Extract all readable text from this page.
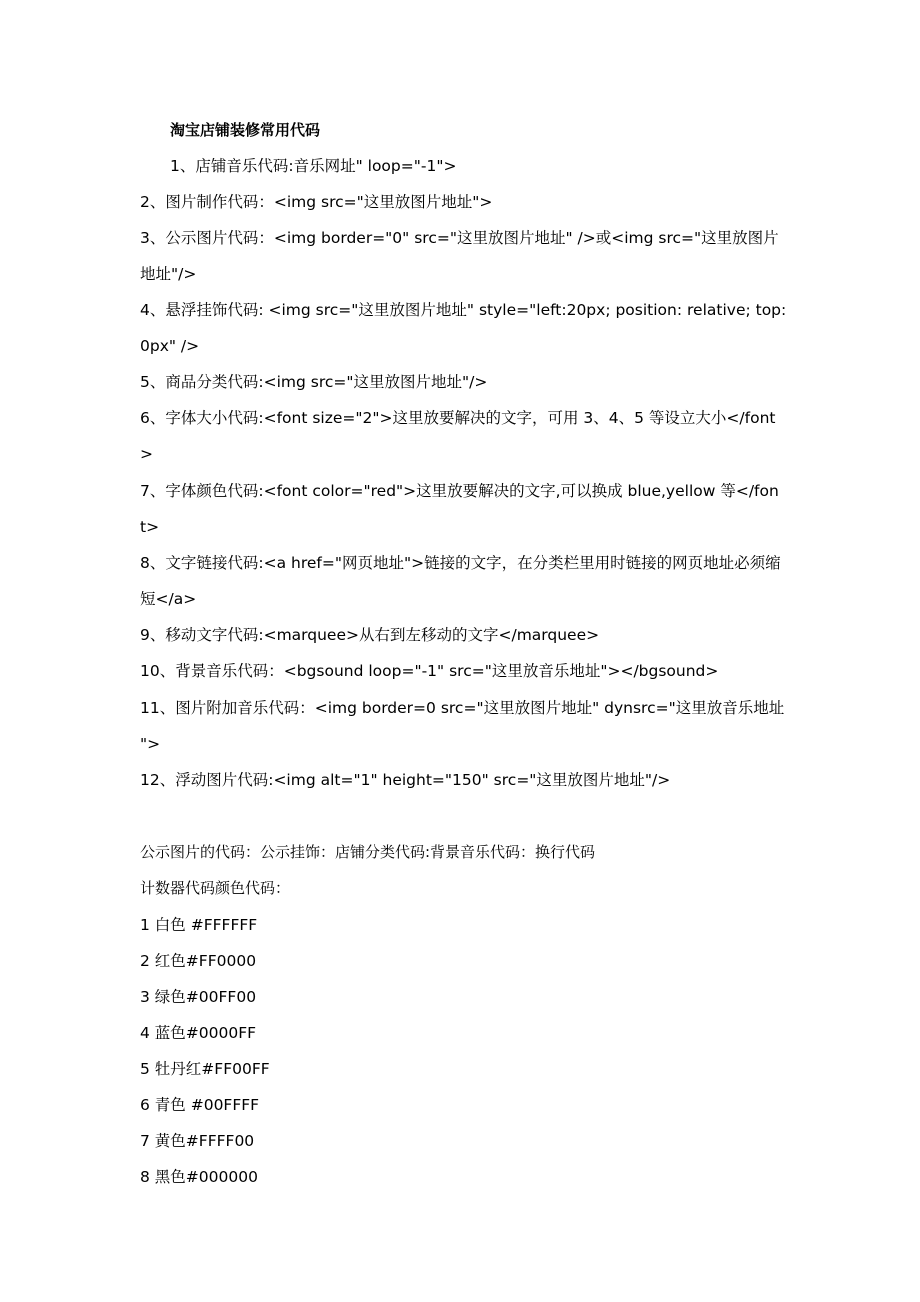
淘宝店铺装修常用代码
1、店铺音乐代码:音乐网址" loop="-1">
2、图片制作代码：<img src="这里放图片地址">
3、公示图片代码：<img border="0" src="这里放图片地址" />或<img src="这里放图片
地址"/>
4、悬浮挂饰代码: <img src="这里放图片地址" style="left:20px; position: relative; top:
0px" />
5、商品分类代码:<img src="这里放图片地址"/>
6、字体大小代码:<font size="2">这里放要解决的文字，可用 3、4、5 等设立大小</font
>
7、字体颜色代码:<font color="red">这里放要解决的文字,可以换成 blue,yellow 等</fon
t>
8、文字链接代码:<a href="网页地址">链接的文字，在分类栏里用时链接的网页地址必须缩
短</a>
9、移动文字代码:<marquee>从右到左移动的文字</marquee>
10、背景音乐代码：<bgsound loop="-1" src="这里放音乐地址"></bgsound>
11、图片附加音乐代码：<img border=0 src="这里放图片地址" dynsrc="这里放音乐地址
">
12、浮动图片代码:<img alt="1" height="150" src="这里放图片地址"/>
公示图片的代码：公示挂饰：店铺分类代码:背景音乐代码：换行代码
计数器代码颜色代码：
1 白色 #FFFFFF
2 红色#FF0000
3 绿色#00FF00
4 蓝色#0000FF
5 牡丹红#FF00FF
6 青色 #00FFFF
7 黄色#FFFF00
8 黑色#000000
